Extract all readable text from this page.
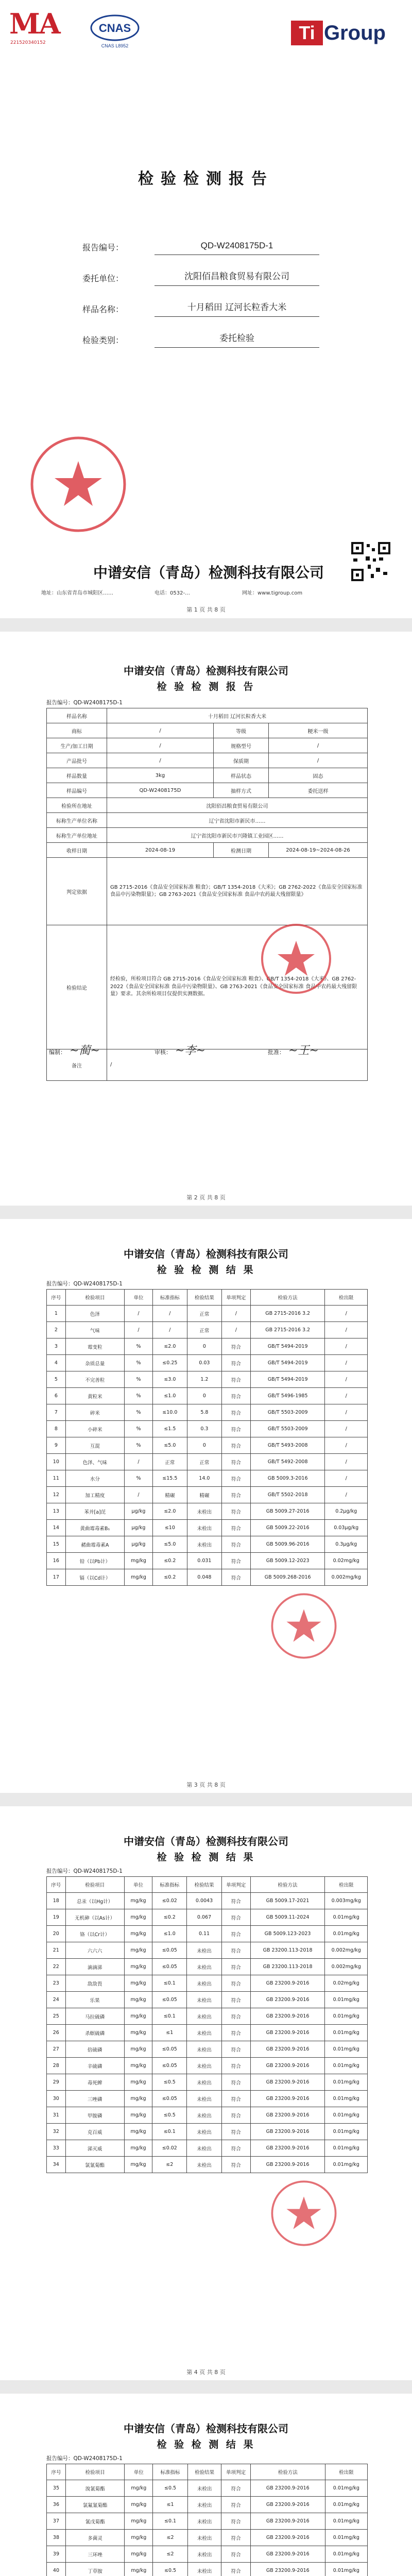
MA
221520340152
CNAS
CNAS L8952
Ti Group
检验检测报告
报告编号：	QD-W2408175D-1
委托单位：	沈阳佰昌粮食贸易有限公司
样品名称：	十月稻田 辽河长粒香大米
检验类别：	委托检验
中谱安信（青岛）检测科技有限公司
地址：山东省青岛市城阳区……	电话：0532-…	网址：www.tigroup.com
第 1 页 共 8 页
中谱安信（青岛）检测科技有限公司
检 验 检 测 报 告
报告编号：QD-W2408175D-1
样品名称	十月稻田 辽河长粒香大米		
商标	/	等级	粳米一级
生产/加工日期	/	规格型号	/
产品批号	/	保质期	/
样品数量	3kg	样品状态	固态
样品编号	QD-W2408175D	抽样方式	委托送样
检验所在地址	沈阳佰昌粮食贸易有限公司		
标称生产单位名称	辽宁省沈阳市新民市……		
标称生产单位地址	辽宁省沈阳市新民市兴隆镇工业园区……		
收样日期	2024-08-19	检测日期	2024-08-19~2024-08-26
判定依据	GB 2715-2016《食品安全国家标准 粮食》；GB/T 1354-2018《大米》；GB 2762-2022《食品安全国家标准 食品中污染物限量》；GB 2763-2021《食品安全国家标准 食品中农药最大残留限量》		
检验结论	经检验，所检项目符合 GB 2715-2016《食品安全国家标准 粮食》、GB/T 1354-2018《大米》、GB 2762-2022《食品安全国家标准 食品中污染物限量》、GB 2763-2021《食品安全国家标准 食品中农药最大残留限量》要求。其余所检项目仅提供实测数据。		
备注	/		
编制： ~蔺~	审核： ~李~	批准： ~王~
第 2 页 共 8 页
中谱安信（青岛）检测科技有限公司
检 验 检 测 结 果
报告编号：QD-W2408175D-1
序号	检验项目	单位	标准指标	检验结果	单项判定	检验方法	检出限
1	色泽	/	/	正常	/	GB 2715-2016 3.2	/
2	气味	/	/	正常	/	GB 2715-2016 3.2	/
3	霉变粒	%	≤2.0	0	符合	GB/T 5494-2019	/
4	杂质总量	%	≤0.25	0.03	符合	GB/T 5494-2019	/
5	不完善粒	%	≤3.0	1.2	符合	GB/T 5494-2019	/
6	黄粒米	%	≤1.0	0	符合	GB/T 5496-1985	/
7	碎米	%	≤10.0	5.8	符合	GB/T 5503-2009	/
8	小碎米	%	≤1.5	0.3	符合	GB/T 5503-2009	/
9	互混	%	≤5.0	0	符合	GB/T 5493-2008	/
10	色泽、气味	/	正常	正常	符合	GB/T 5492-2008	/
11	水分	%	≤15.5	14.0	符合	GB 5009.3-2016	/
12	加工精度	/	精碾	精碾	符合	GB/T 5502-2018	/
13	苯并[a]芘	μg/kg	≤2.0	未检出	符合	GB 5009.27-2016	0.2μg/kg
14	黄曲霉毒素B₁	μg/kg	≤10	未检出	符合	GB 5009.22-2016	0.03μg/kg
15	赭曲霉毒素A	μg/kg	≤5.0	未检出	符合	GB 5009.96-2016	0.3μg/kg
16	铅（以Pb计）	mg/kg	≤0.2	0.031	符合	GB 5009.12-2023	0.02mg/kg
17	镉（以Cd计）	mg/kg	≤0.2	0.048	符合	GB 5009.268-2016	0.002mg/kg
第 3 页 共 8 页
中谱安信（青岛）检测科技有限公司
检 验 检 测 结 果
报告编号：QD-W2408175D-1
序号	检验项目	单位	标准指标	检验结果	单项判定	检验方法	检出限
18	总汞（以Hg计）	mg/kg	≤0.02	0.0043	符合	GB 5009.17-2021	0.003mg/kg
19	无机砷（以As计）	mg/kg	≤0.2	0.067	符合	GB 5009.11-2024	0.01mg/kg
20	铬（以Cr计）	mg/kg	≤1.0	0.11	符合	GB 5009.123-2023	0.01mg/kg
21	六六六	mg/kg	≤0.05	未检出	符合	GB 23200.113-2018	0.002mg/kg
22	滴滴涕	mg/kg	≤0.05	未检出	符合	GB 23200.113-2018	0.002mg/kg
23	敌敌畏	mg/kg	≤0.1	未检出	符合	GB 23200.9-2016	0.02mg/kg
24	乐果	mg/kg	≤0.05	未检出	符合	GB 23200.9-2016	0.01mg/kg
25	马拉硫磷	mg/kg	≤0.1	未检出	符合	GB 23200.9-2016	0.01mg/kg
26	杀螟硫磷	mg/kg	≤1	未检出	符合	GB 23200.9-2016	0.01mg/kg
27	倍硫磷	mg/kg	≤0.05	未检出	符合	GB 23200.9-2016	0.01mg/kg
28	辛硫磷	mg/kg	≤0.05	未检出	符合	GB 23200.9-2016	0.01mg/kg
29	毒死蜱	mg/kg	≤0.5	未检出	符合	GB 23200.9-2016	0.01mg/kg
30	三唑磷	mg/kg	≤0.05	未检出	符合	GB 23200.9-2016	0.01mg/kg
31	甲胺磷	mg/kg	≤0.5	未检出	符合	GB 23200.9-2016	0.01mg/kg
32	克百威	mg/kg	≤0.1	未检出	符合	GB 23200.9-2016	0.01mg/kg
33	涕灭威	mg/kg	≤0.02	未检出	符合	GB 23200.9-2016	0.01mg/kg
34	氯氰菊酯	mg/kg	≤2	未检出	符合	GB 23200.9-2016	0.01mg/kg
第 4 页 共 8 页
中谱安信（青岛）检测科技有限公司
检 验 检 测 结 果
报告编号：QD-W2408175D-1
序号	检验项目	单位	标准指标	检验结果	单项判定	检验方法	检出限
35	溴氰菊酯	mg/kg	≤0.5	未检出	符合	GB 23200.9-2016	0.01mg/kg
36	氯氟氰菊酯	mg/kg	≤1	未检出	符合	GB 23200.9-2016	0.01mg/kg
37	氰戊菊酯	mg/kg	≤0.1	未检出	符合	GB 23200.9-2016	0.01mg/kg
38	多菌灵	mg/kg	≤2	未检出	符合	GB 23200.9-2016	0.01mg/kg
39	三环唑	mg/kg	≤2	未检出	符合	GB 23200.9-2016	0.01mg/kg
40	丁草胺	mg/kg	≤0.5	未检出	符合	GB 23200.9-2016	0.01mg/kg
